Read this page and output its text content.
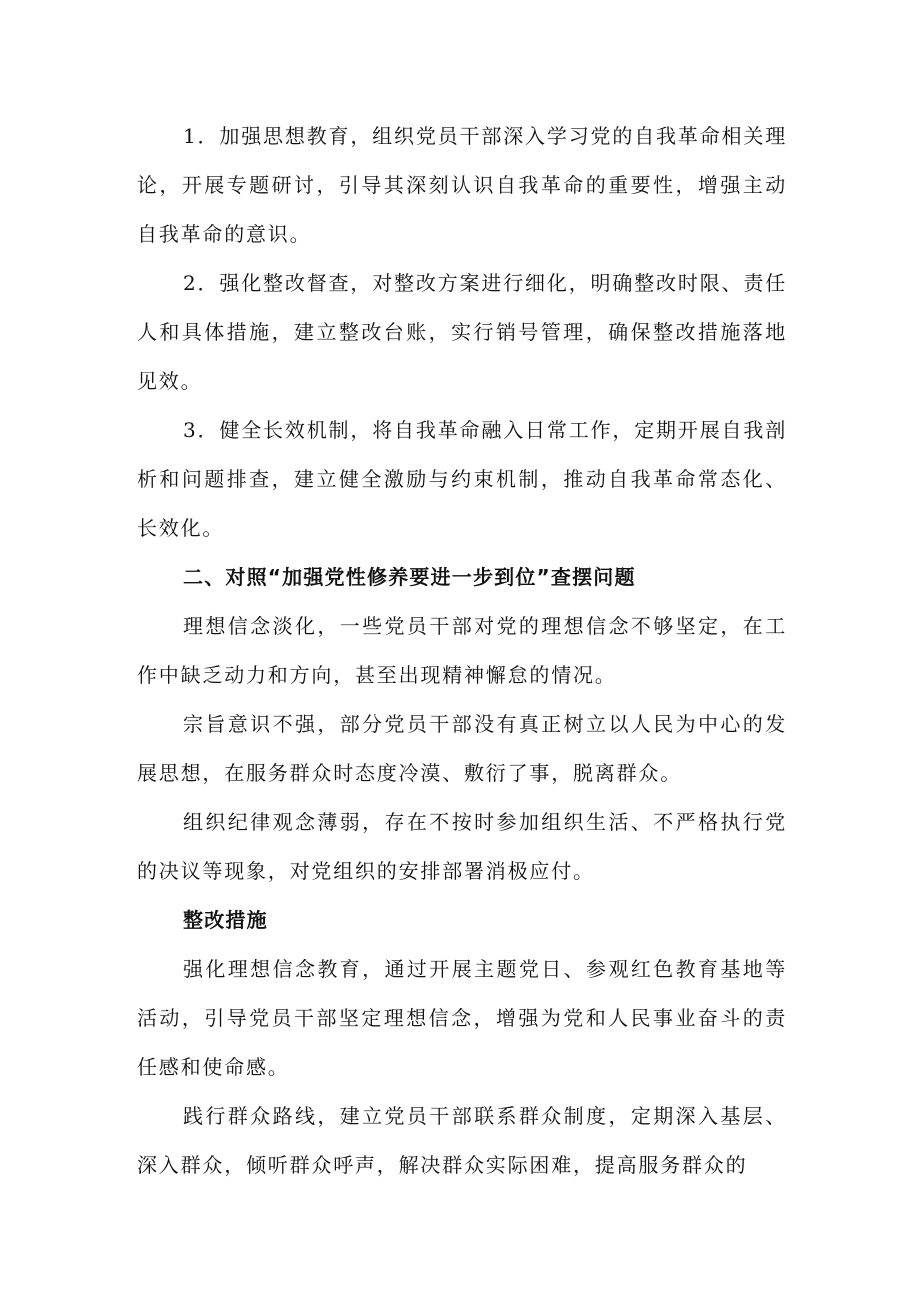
1．加强思想教育，组织党员干部深入学习党的自我革命相关理论，开展专题研讨，引导其深刻认识自我革命的重要性，增强主动自我革命的意识。

2．强化整改督查，对整改方案进行细化，明确整改时限、责任人和具体措施，建立整改台账，实行销号管理，确保整改措施落地见效。

3．健全长效机制，将自我革命融入日常工作，定期开展自我剖析和问题排查，建立健全激励与约束机制，推动自我革命常态化、长效化。

二、对照“加强党性修养要进一步到位”查摆问题

理想信念淡化，一些党员干部对党的理想信念不够坚定，在工作中缺乏动力和方向，甚至出现精神懈怠的情况。

宗旨意识不强，部分党员干部没有真正树立以人民为中心的发展思想，在服务群众时态度冷漠、敷衍了事，脱离群众。

组织纪律观念薄弱，存在不按时参加组织生活、不严格执行党的决议等现象，对党组织的安排部署消极应付。

整改措施

强化理想信念教育，通过开展主题党日、参观红色教育基地等活动，引导党员干部坚定理想信念，增强为党和人民事业奋斗的责任感和使命感。

践行群众路线，建立党员干部联系群众制度，定期深入基层、深入群众，倾听群众呼声，解决群众实际困难，提高服务群众的
